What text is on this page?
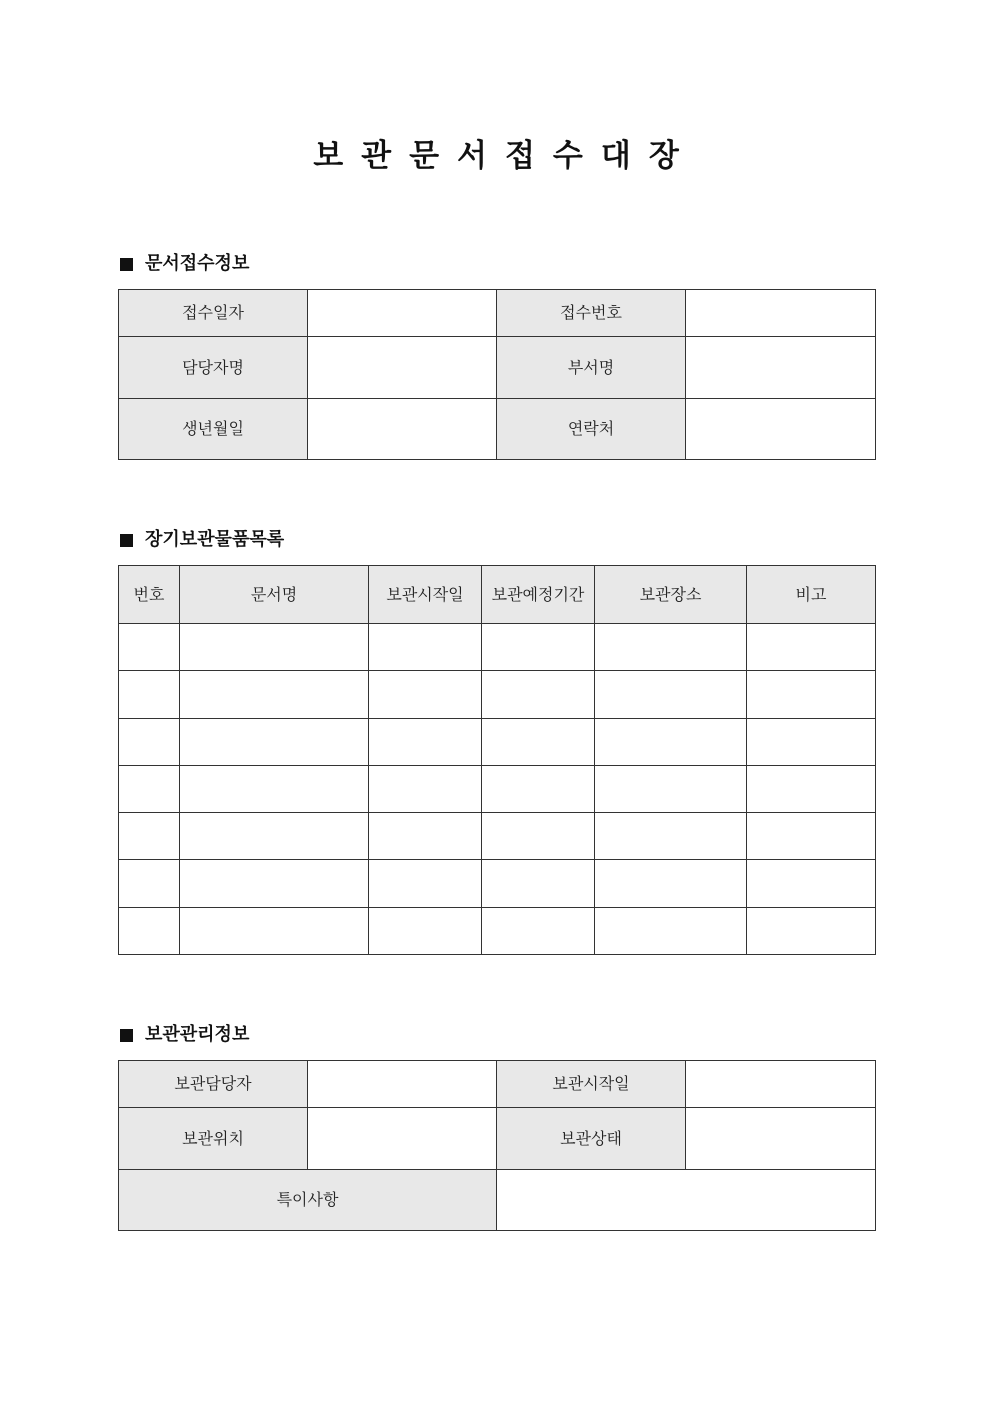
보관문서접수대장
문서접수정보
접수일자		접수번호	
담당자명		부서명	
생년월일		연락처	
장기보관물품목록
번호	문서명	보관시작일	보관예정기간	보관장소	비고

보관관리정보
보관담당자		보관시작일	
보관위치		보관상태	
특이사항			
